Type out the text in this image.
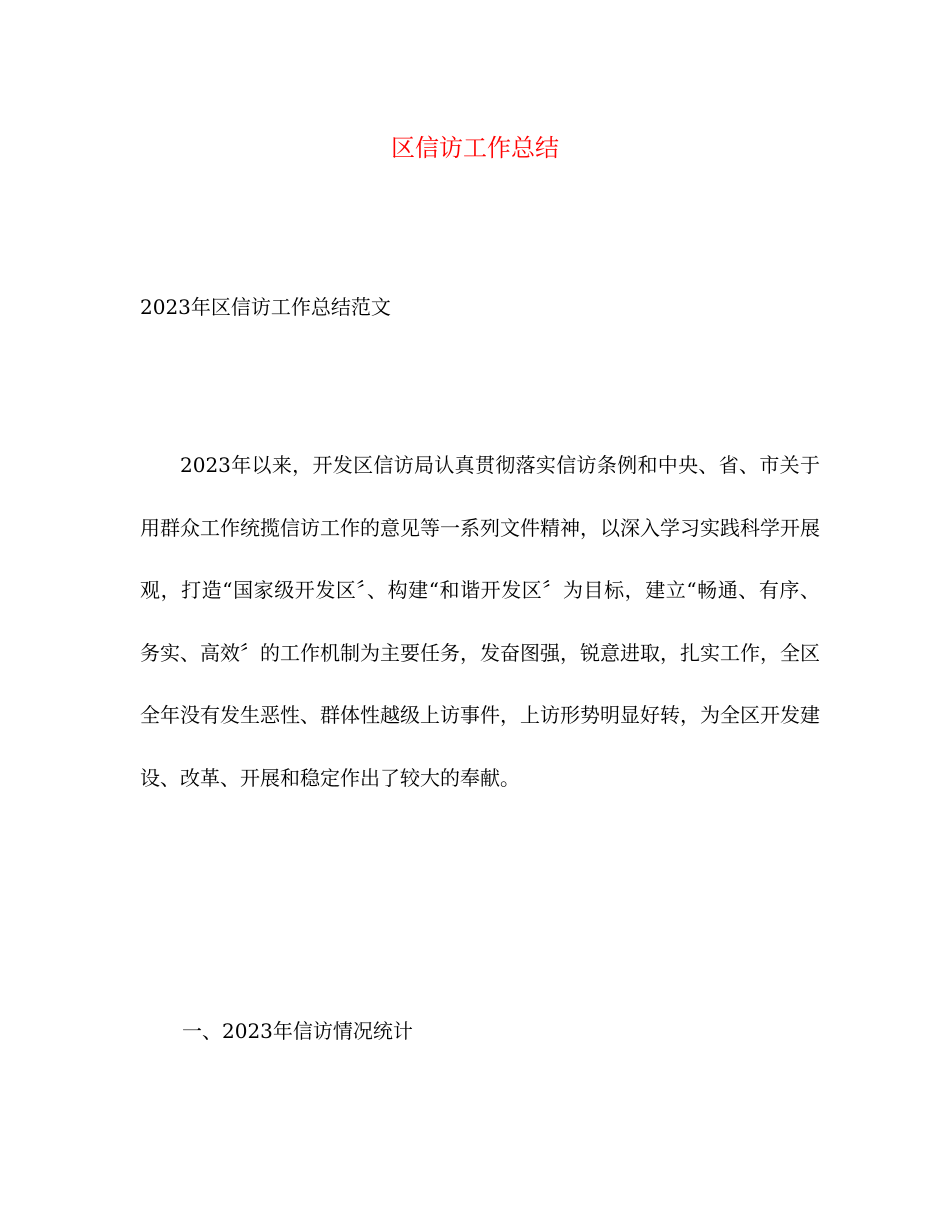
区信访工作总结

2023年区信访工作总结范文

2023年以来，开发区信访局认真贯彻落实信访条例和中央、省、市关于用群众工作统揽信访工作的意见等一系列文件精神，以深入学习实践科学开展观，打造“国家级开发区〞、构建“和谐开发区〞为目标，建立“畅通、有序、务实、高效〞的工作机制为主要任务，发奋图强，锐意进取，扎实工作，全区全年没有发生恶性、群体性越级上访事件，上访形势明显好转，为全区开发建设、改革、开展和稳定作出了较大的奉献。

一、2023年信访情况统计
